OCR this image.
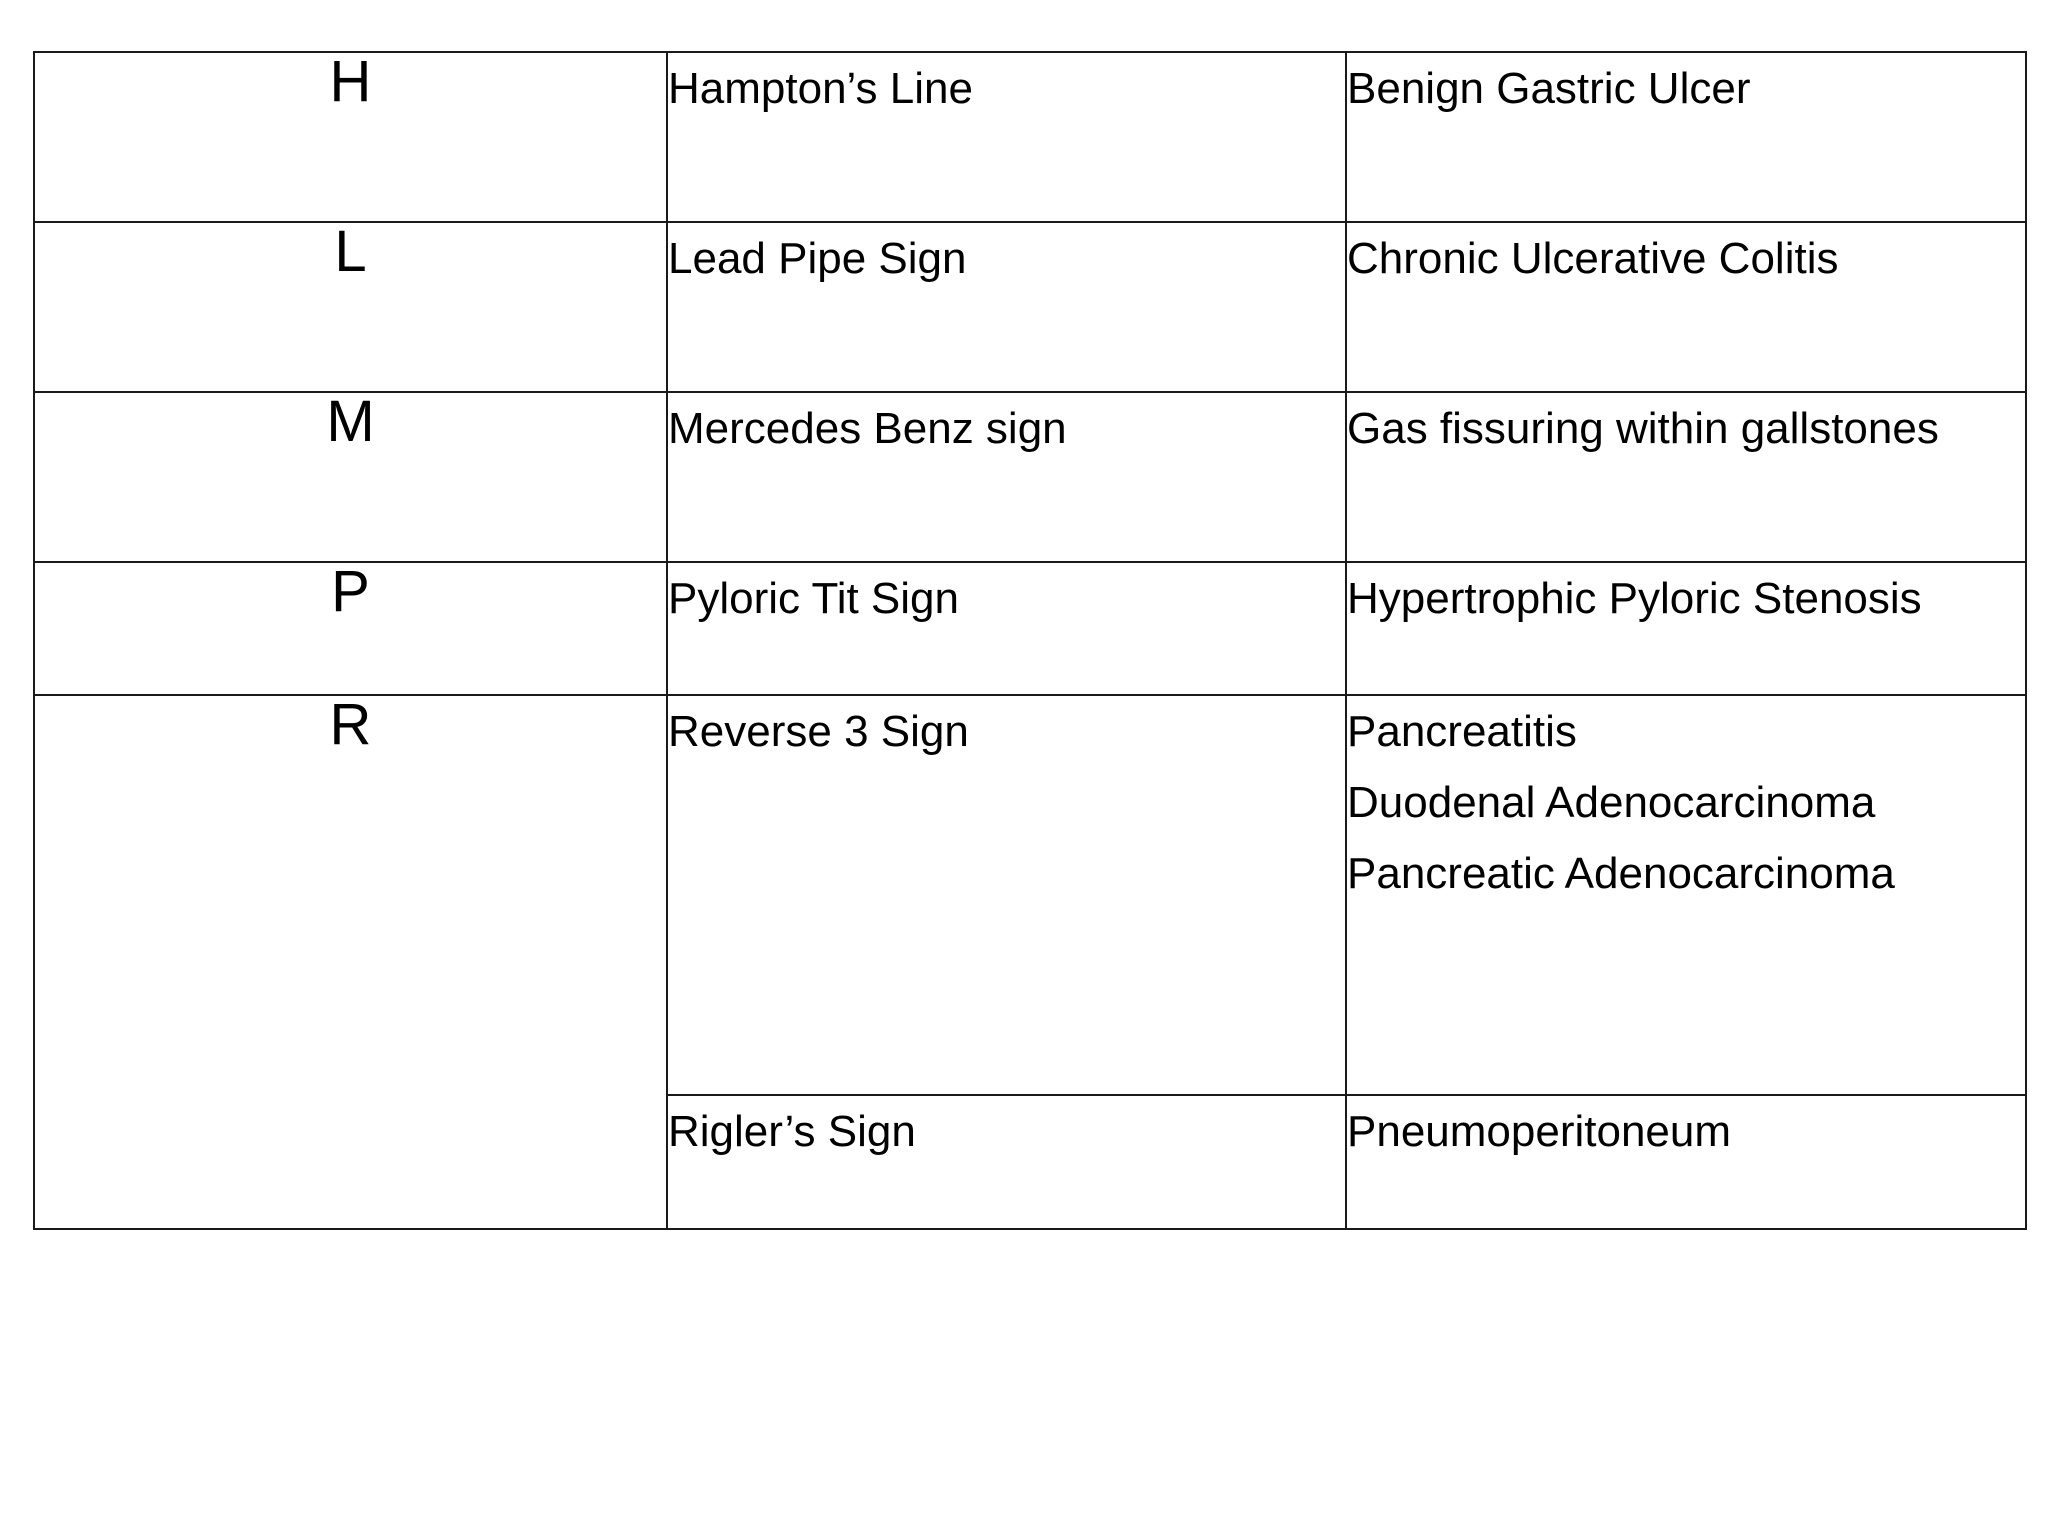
H	Hampton’s Line	Benign Gastric Ulcer

L	Lead Pipe Sign	Chronic Ulcerative Colitis

M	Mercedes Benz sign	Gas fissuring within gallstones

P	Pyloric Tit Sign	Hypertrophic Pyloric Stenosis

R	Reverse 3 Sign	Pancreatitis
Duodenal Adenocarcinoma
Pancreatic Adenocarcinoma

	Rigler’s Sign	Pneumoperitoneum
